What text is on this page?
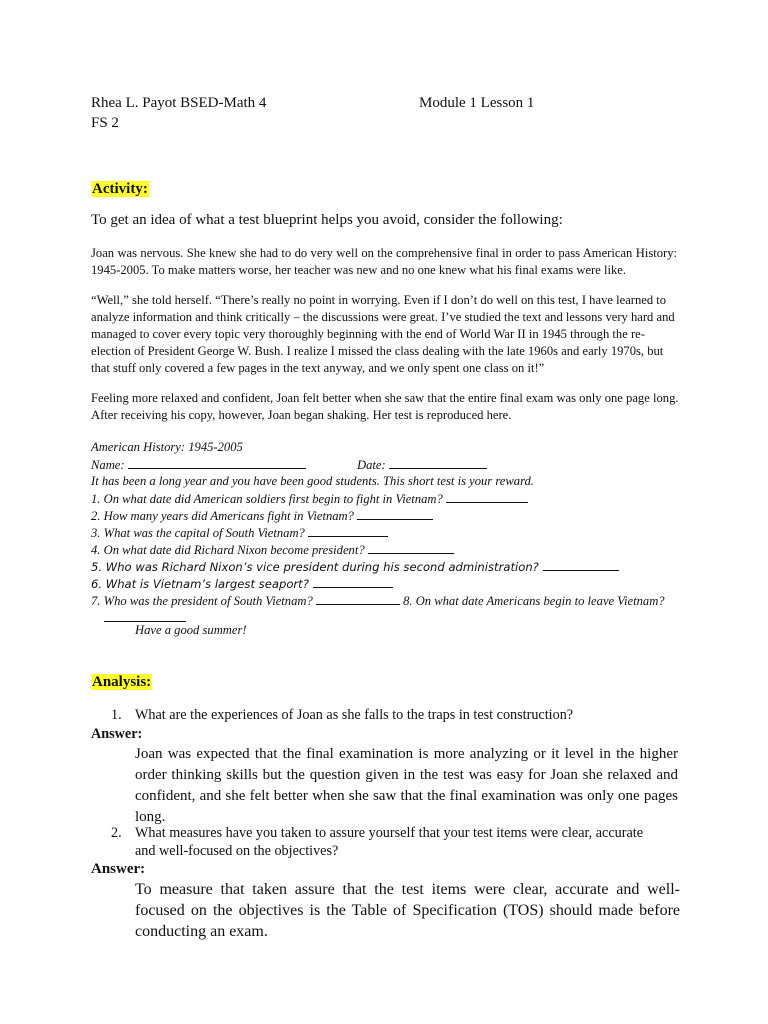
Rhea L. Payot BSED-Math 4
FS 2
Module 1 Lesson 1
Activity:
To get an idea of what a test blueprint helps you avoid, consider the following:
Joan was nervous. She knew she had to do very well on the comprehensive final in order to pass American History: 1945-2005. To make matters worse, her teacher was new and no one knew what his final exams were like.
“Well,” she told herself. “There’s really no point in worrying. Even if I don’t do well on this test, I have learned to analyze information and think critically – the discussions were great. I’ve studied the text and lessons very hard and managed to cover every topic very thoroughly beginning with the end of World War II in 1945 through the re-election of President George W. Bush. I realize I missed the class dealing with the late 1960s and early 1970s, but that stuff only covered a few pages in the text anyway, and we only spent one class on it!”
Feeling more relaxed and confident, Joan felt better when she saw that the entire final exam was only one page long. After receiving his copy, however, Joan began shaking. Her test is reproduced here.
American History: 1945-2005
Name:	Date:
It has been a long year and you have been good students. This short test is your reward.
1. On what date did American soldiers first begin to fight in Vietnam?
2. How many years did Americans fight in Vietnam?
3. What was the capital of South Vietnam?
4. On what date did Richard Nixon become president?
5. Who was Richard Nixon’s vice president during his second administration?
6. What is Vietnam’s largest seaport?
7. Who was the president of South Vietnam?	8. On what date Americans begin to leave Vietnam?
Have a good summer!
Analysis:
1. What are the experiences of Joan as she falls to the traps in test construction?
Answer:
Joan was expected that the final examination is more analyzing or it level in the higher order thinking skills but the question given in the test was easy for Joan she relaxed and confident, and she felt better when she saw that the final examination was only one pages long.
2. What measures have you taken to assure yourself that your test items were clear, accurate and well-focused on the objectives?
Answer:
To measure that taken assure that the test items were clear, accurate and well-focused on the objectives is the Table of Specification (TOS) should made before conducting an exam.
